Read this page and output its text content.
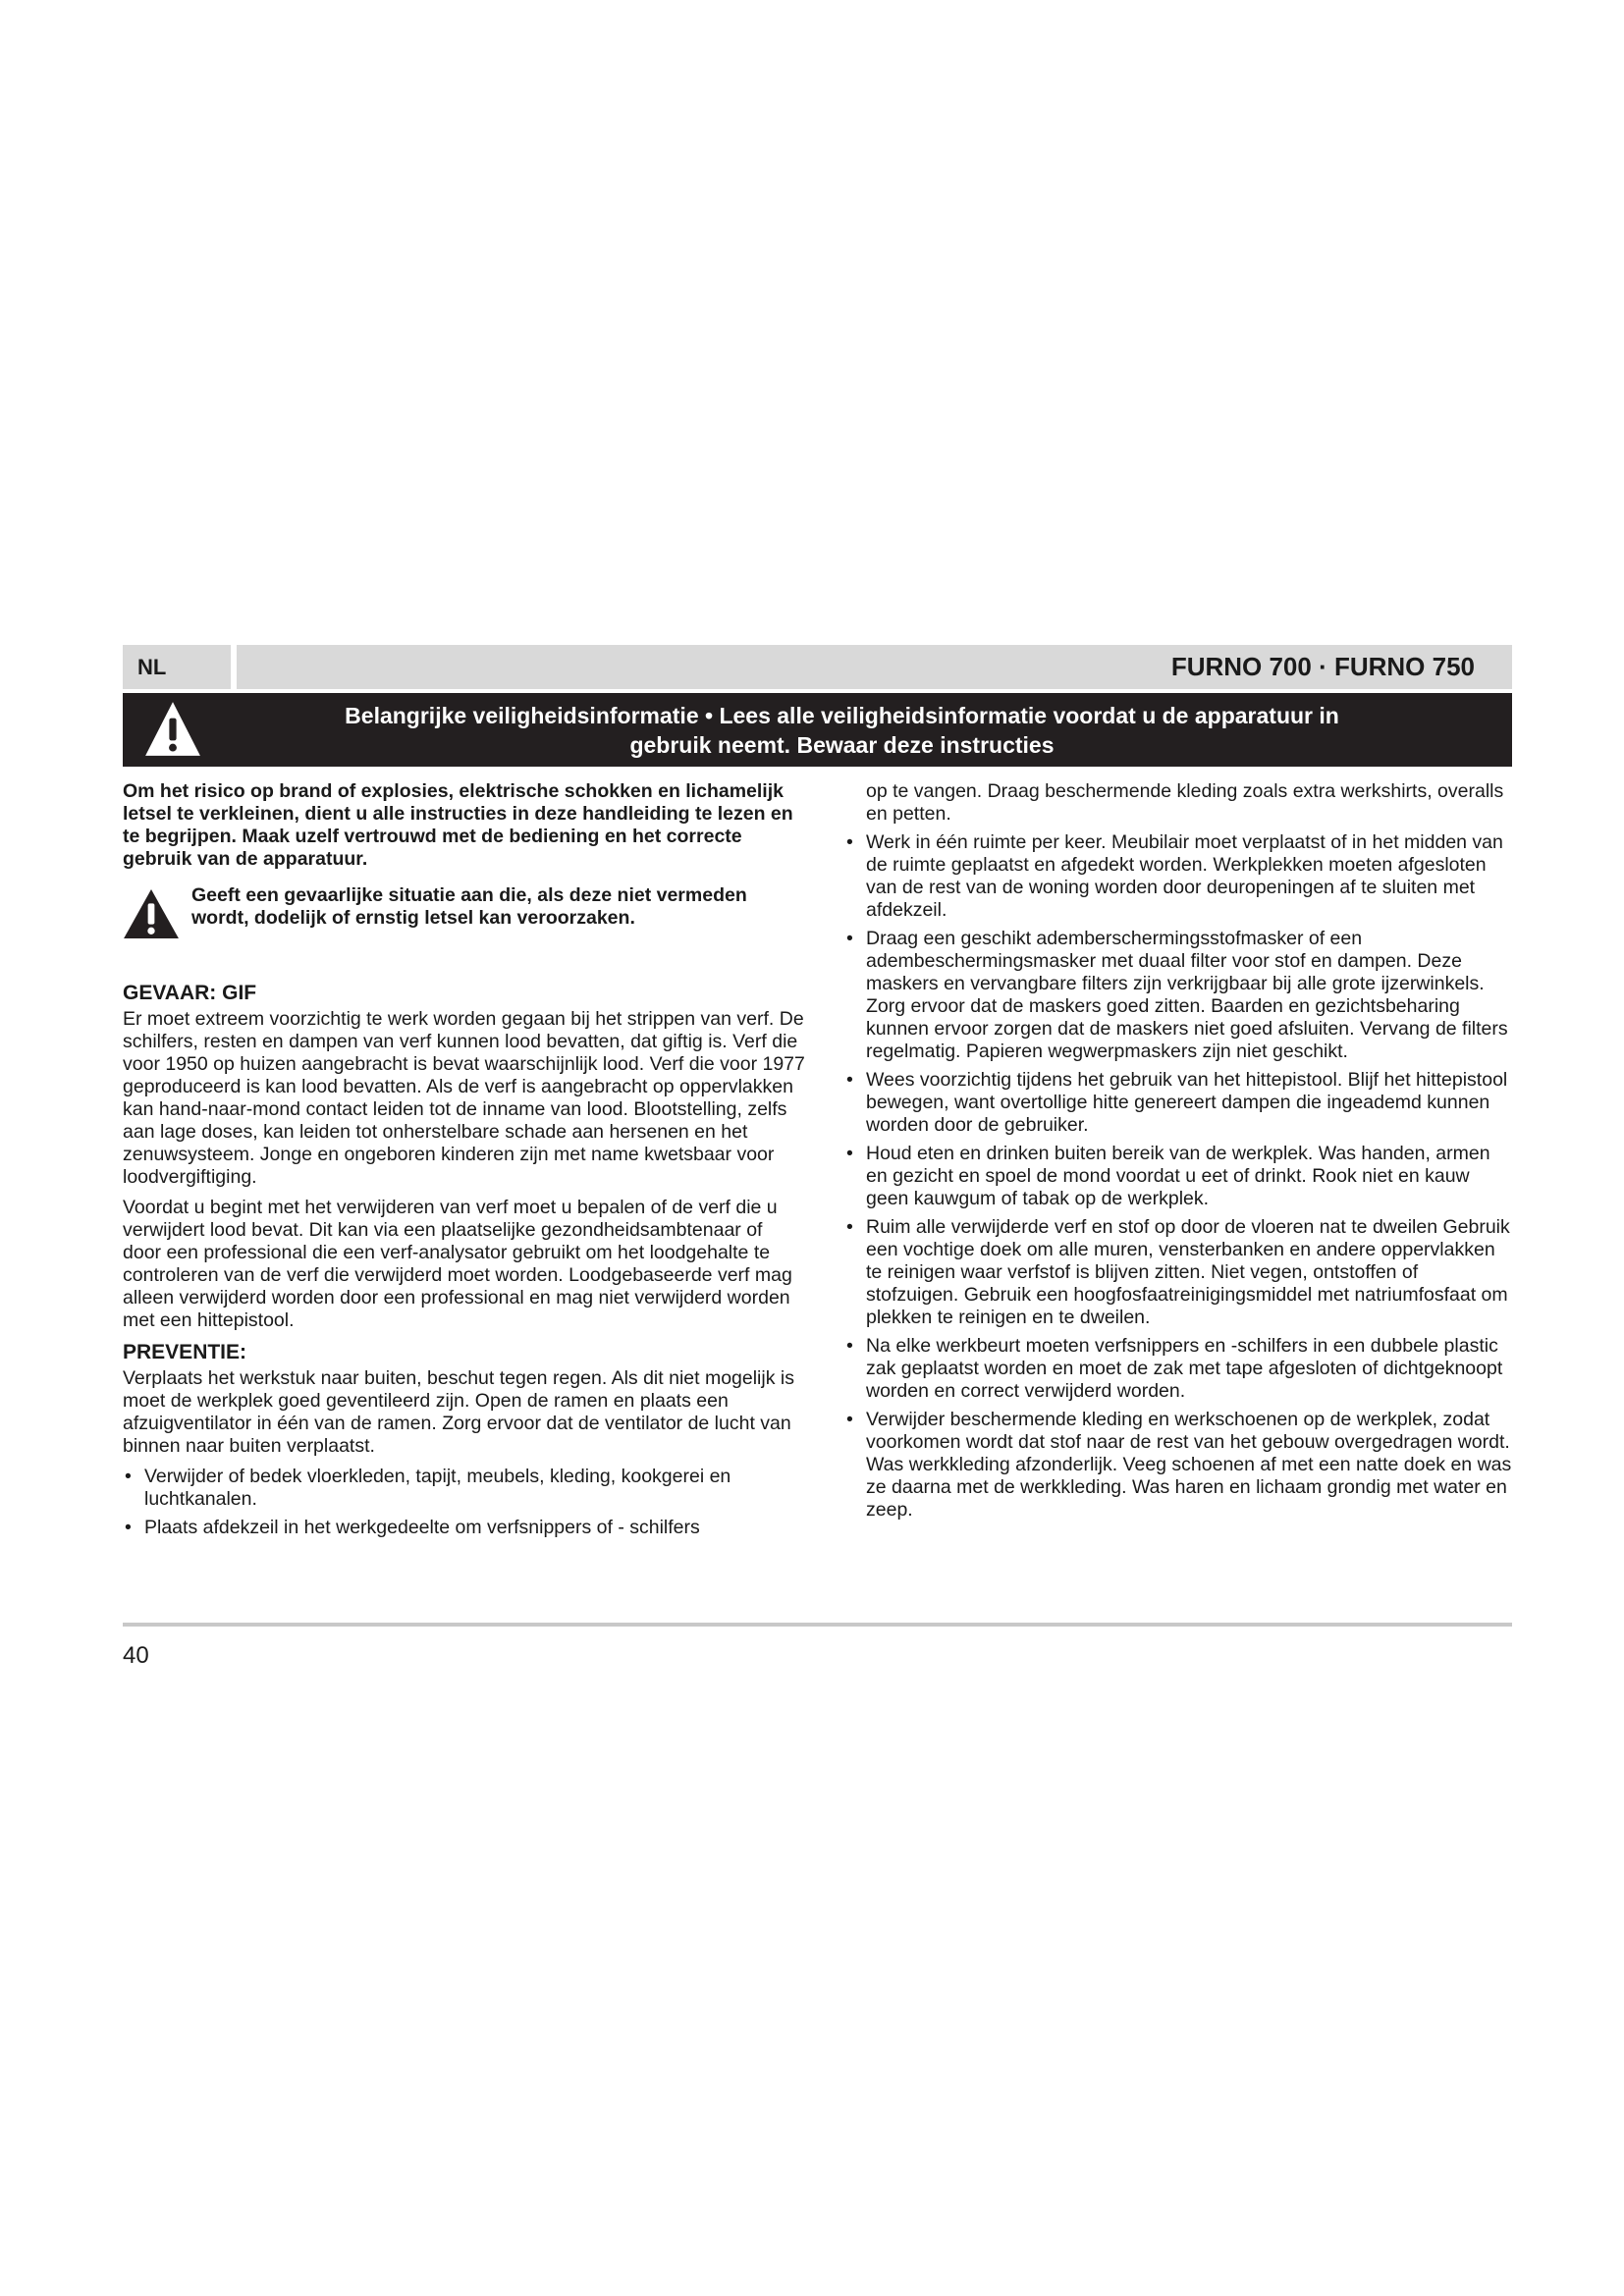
NL	FURNO 700 · FURNO 750
Belangrijke veiligheidsinformatie • Lees alle veiligheidsinformatie voordat u de apparatuur in
gebruik neemt. Bewaar deze instructies

Om het risico op brand of explosies, elektrische schokken en lichamelijk letsel te verkleinen, dient u alle instructies in deze handleiding te lezen en te begrijpen. Maak uzelf vertrouwd met de bediening en het correcte gebruik van de apparatuur.

Geeft een gevaarlijke situatie aan die, als deze niet vermeden wordt, dodelijk of ernstig letsel kan veroorzaken.
GEVAAR: GIF

Er moet extreem voorzichtig te werk worden gegaan bij het strippen van verf. De schilfers, resten en dampen van verf kunnen lood bevatten, dat giftig is. Verf die voor 1950 op huizen aangebracht is bevat waarschijnlijk lood. Verf die voor 1977 geproduceerd is kan lood bevatten. Als de verf is aangebracht op oppervlakken kan hand-naar-mond contact leiden tot de inname van lood. Blootstelling, zelfs aan lage doses, kan leiden tot onherstelbare schade aan hersenen en het zenuwsysteem. Jonge en ongeboren kinderen zijn met name kwetsbaar voor loodvergiftiging.

Voordat u begint met het verwijderen van verf moet u bepalen of de verf die u verwijdert lood bevat. Dit kan via een plaatselijke gezondheidsambtenaar of door een professional die een verf-analysator gebruikt om het loodgehalte te controleren van de verf die verwijderd moet worden. Loodgebaseerde verf mag alleen verwijderd worden door een professional en mag niet verwijderd worden met een hittepistool.

PREVENTIE:

Verplaats het werkstuk naar buiten, beschut tegen regen. Als dit niet mogelijk is moet de werkplek goed geventileerd zijn. Open de ramen en plaats een afzuigventilator in één van de ramen. Zorg ervoor dat de ventilator de lucht van binnen naar buiten verplaatst.

• Verwijder of bedek vloerkleden, tapijt, meubels, kleding, kookgerei en luchtkanalen.
• Plaats afdekzeil in het werkgedeelte om verfsnippers of - schilfers
op te vangen. Draag beschermende kleding zoals extra werkshirts, overalls en petten.
• Werk in één ruimte per keer. Meubilair moet verplaatst of in het midden van de ruimte geplaatst en afgedekt worden. Werkplekken moeten afgesloten van de rest van de woning worden door deuropeningen af te sluiten met afdekzeil.
• Draag een geschikt ademberschermingsstofmasker of een adembeschermingsmasker met duaal filter voor stof en dampen. Deze maskers en vervangbare filters zijn verkrijgbaar bij alle grote ijzerwinkels. Zorg ervoor dat de maskers goed zitten. Baarden en gezichtsbeharing kunnen ervoor zorgen dat de maskers niet goed afsluiten. Vervang de filters regelmatig. Papieren wegwerpmaskers zijn niet geschikt.
• Wees voorzichtig tijdens het gebruik van het hittepistool. Blijf het hittepistool bewegen, want overtollige hitte genereert dampen die ingeademd kunnen worden door de gebruiker.
• Houd eten en drinken buiten bereik van de werkplek. Was handen, armen en gezicht en spoel de mond voordat u eet of drinkt. Rook niet en kauw geen kauwgum of tabak op de werkplek.
• Ruim alle verwijderde verf en stof op door de vloeren nat te dweilen Gebruik een vochtige doek om alle muren, vensterbanken en andere oppervlakken te reinigen waar verfstof is blijven zitten. Niet vegen, ontstoffen of stofzuigen. Gebruik een hoogfosfaatreinigingsmiddel met natriumfosfaat om plekken te reinigen en te dweilen.
• Na elke werkbeurt moeten verfsnippers en -schilfers in een dubbele plastic zak geplaatst worden en moet de zak met tape afgesloten of dichtgeknoopt worden en correct verwijderd worden.
• Verwijder beschermende kleding en werkschoenen op de werkplek, zodat voorkomen wordt dat stof naar de rest van het gebouw overgedragen wordt. Was werkkleding afzonderlijk. Veeg schoenen af met een natte doek en was ze daarna met de werkkleding. Was haren en lichaam grondig met water en zeep.
40
